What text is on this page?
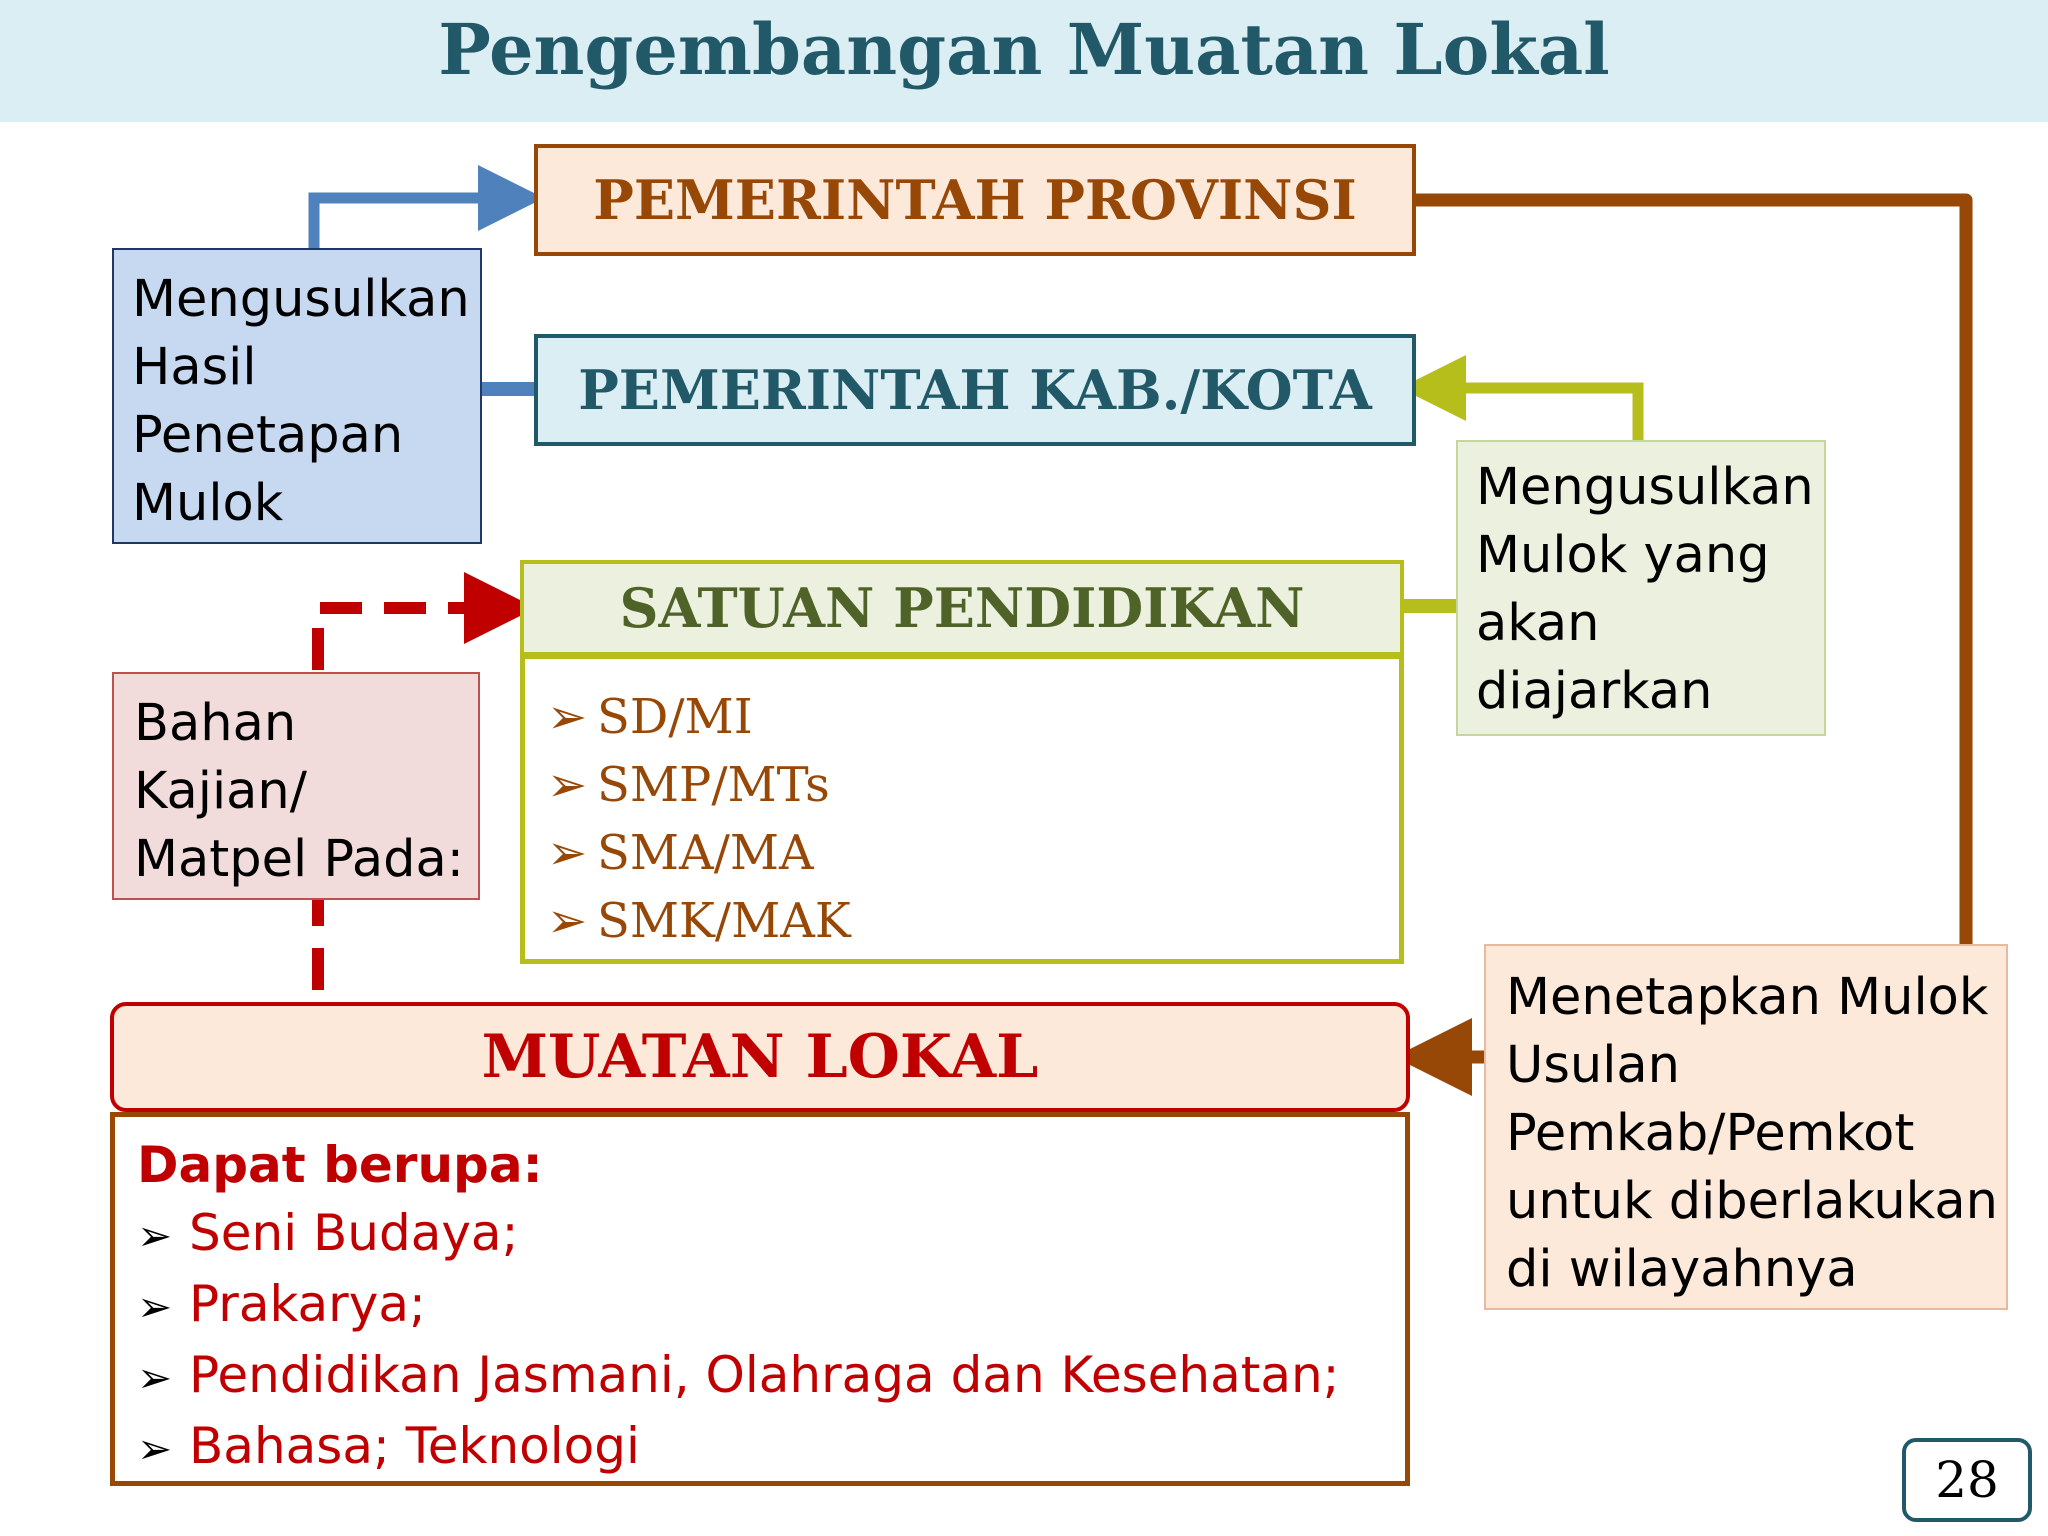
Pengembangan Muatan Lokal
PEMERINTAH PROVINSI
PEMERINTAH KAB./KOTA
SATUAN PENDIDIKAN
➢ SD/MI
➢ SMP/MTs
➢ SMA/MA
➢ SMK/MAK
Mengusulkan
Hasil
Penetapan
Mulok	Mengusulkan
Mulok yang
akan
diajarkan
Bahan
Kajian/
Matpel Pada:
Menetapkan Mulok
Usulan
Pemkab/Pemkot
untuk diberlakukan
di wilayahnya
MUATAN LOKAL
Dapat berupa:
➢ Seni Budaya;
➢ Prakarya;
➢ Pendidikan Jasmani, Olahraga dan Kesehatan;
➢ Bahasa; Teknologi
28
